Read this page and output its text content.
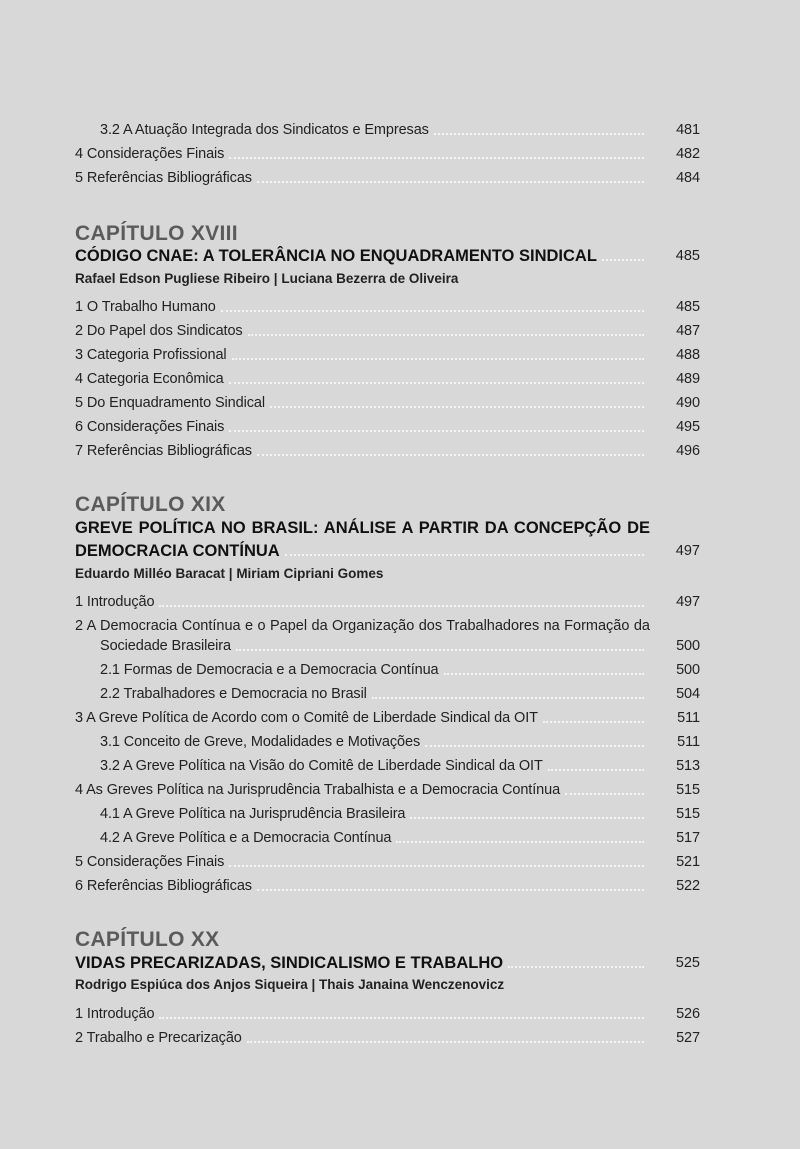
3.2 A Atuação Integrada dos Sindicatos e Empresas	481
4 Considerações Finais	482
5 Referências Bibliográficas	484
CAPÍTULO XVIII
CÓDIGO CNAE: A TOLERÂNCIA NO ENQUADRAMENTO SINDICAL	485
Rafael Edson Pugliese Ribeiro | Luciana Bezerra de Oliveira
1 O Trabalho Humano	485
2 Do Papel dos Sindicatos	487
3 Categoria Profissional	488
4 Categoria Econômica	489
5 Do Enquadramento Sindical	490
6 Considerações Finais	495
7 Referências Bibliográficas	496
CAPÍTULO XIX
GREVE POLÍTICA NO BRASIL: ANÁLISE A PARTIR DA CONCEPÇÃO DE
DEMOCRACIA CONTÍNUA	497
Eduardo Milléo Baracat | Miriam Cipriani Gomes
1 Introdução	497
2 A Democracia Contínua e o Papel da Organização dos Trabalhadores na Formação da
Sociedade Brasileira	500
2.1 Formas de Democracia e a Democracia Contínua	500
2.2 Trabalhadores e Democracia no Brasil	504
3 A Greve Política de Acordo com o Comitê de Liberdade Sindical da OIT	511
3.1 Conceito de Greve, Modalidades e Motivações	511
3.2 A Greve Política na Visão do Comitê de Liberdade Sindical da OIT	513
4 As Greves Política na Jurisprudência Trabalhista e a Democracia Contínua	515
4.1 A Greve Política na Jurisprudência Brasileira	515
4.2 A Greve Política e a Democracia Contínua	517
5 Considerações Finais	521
6 Referências Bibliográficas	522
CAPÍTULO XX
VIDAS PRECARIZADAS, SINDICALISMO E TRABALHO	525
Rodrigo Espiúca dos Anjos Siqueira | Thais Janaina Wenczenovicz
1 Introdução	526
2 Trabalho e Precarização	527
